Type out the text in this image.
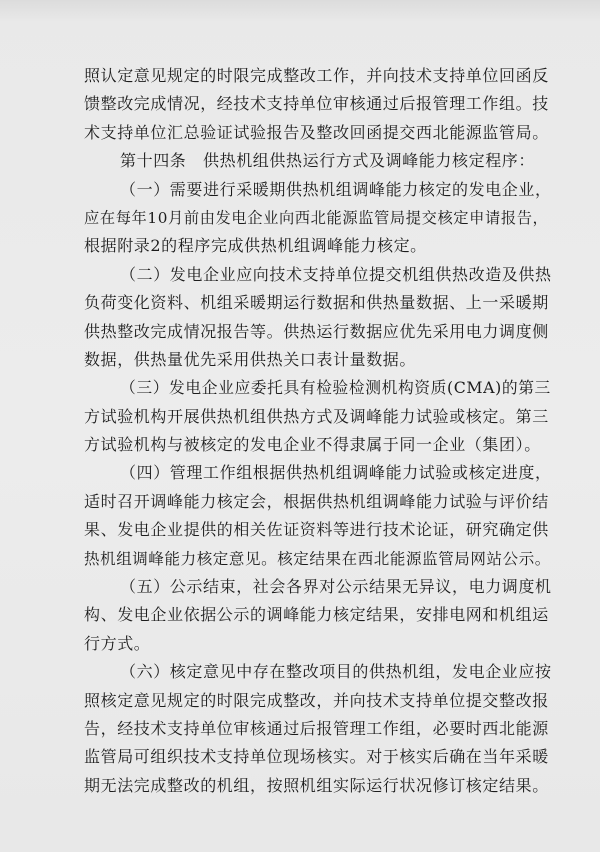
照认定意见规定的时限完成整改工作，并向技术支持单位回函反
馈整改完成情况，经技术支持单位审核通过后报管理工作组。技
术支持单位汇总验证试验报告及整改回函提交西北能源监管局。
第十四条　供热机组供热运行方式及调峰能力核定程序：
（一）需要进行采暖期供热机组调峰能力核定的发电企业，
应在每年10月前由发电企业向西北能源监管局提交核定申请报告，
根据附录2的程序完成供热机组调峰能力核定。
（二）发电企业应向技术支持单位提交机组供热改造及供热
负荷变化资料、机组采暖期运行数据和供热量数据、上一采暖期
供热整改完成情况报告等。供热运行数据应优先采用电力调度侧
数据，供热量优先采用供热关口表计量数据。
（三）发电企业应委托具有检验检测机构资质(CMA)的第三
方试验机构开展供热机组供热方式及调峰能力试验或核定。第三
方试验机构与被核定的发电企业不得隶属于同一企业（集团）。
（四）管理工作组根据供热机组调峰能力试验或核定进度，
适时召开调峰能力核定会，根据供热机组调峰能力试验与评价结
果、发电企业提供的相关佐证资料等进行技术论证，研究确定供
热机组调峰能力核定意见。核定结果在西北能源监管局网站公示。
（五）公示结束，社会各界对公示结果无异议，电力调度机
构、发电企业依据公示的调峰能力核定结果，安排电网和机组运
行方式。
（六）核定意见中存在整改项目的供热机组，发电企业应按
照核定意见规定的时限完成整改，并向技术支持单位提交整改报
告，经技术支持单位审核通过后报管理工作组，必要时西北能源
监管局可组织技术支持单位现场核实。对于核实后确在当年采暖
期无法完成整改的机组，按照机组实际运行状况修订核定结果。
